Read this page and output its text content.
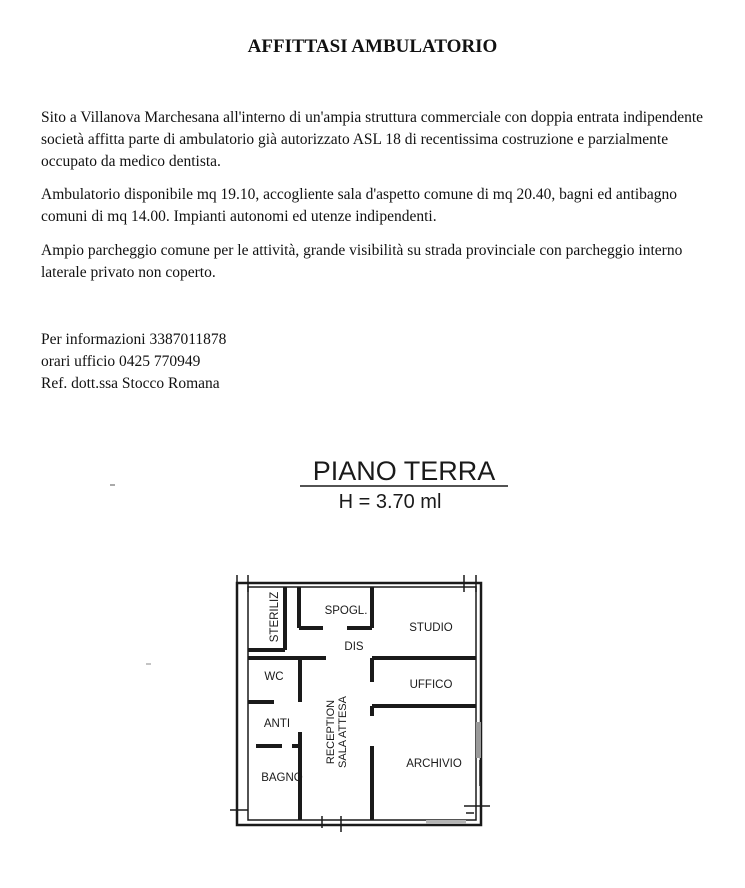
AFFITTASI AMBULATORIO

Sito a Villanova Marchesana all'interno di un'ampia struttura commerciale con doppia entrata indipendente società affitta parte di ambulatorio già autorizzato ASL 18 di recentissima costruzione e parzialmente occupato da medico dentista.

Ambulatorio disponibile mq 19.10, accogliente sala d'aspetto comune di mq 20.40, bagni ed antibagno comuni di mq 14.00. Impianti autonomi ed utenze indipendenti.

Ampio parcheggio comune per le attività, grande visibilità su strada provinciale con parcheggio interno laterale privato non coperto.

Per informazioni 3387011878
orari ufficio 0425 770949
Ref. dott.ssa Stocco Romana
PIANO TERRA
H = 3.70 ml
STERILIZ	SPOGL.
STUDIO
DIS
WC
UFFICO
ANTI	RECEPTION SALA ATTESA	ARCHIVIO
BAGNO
